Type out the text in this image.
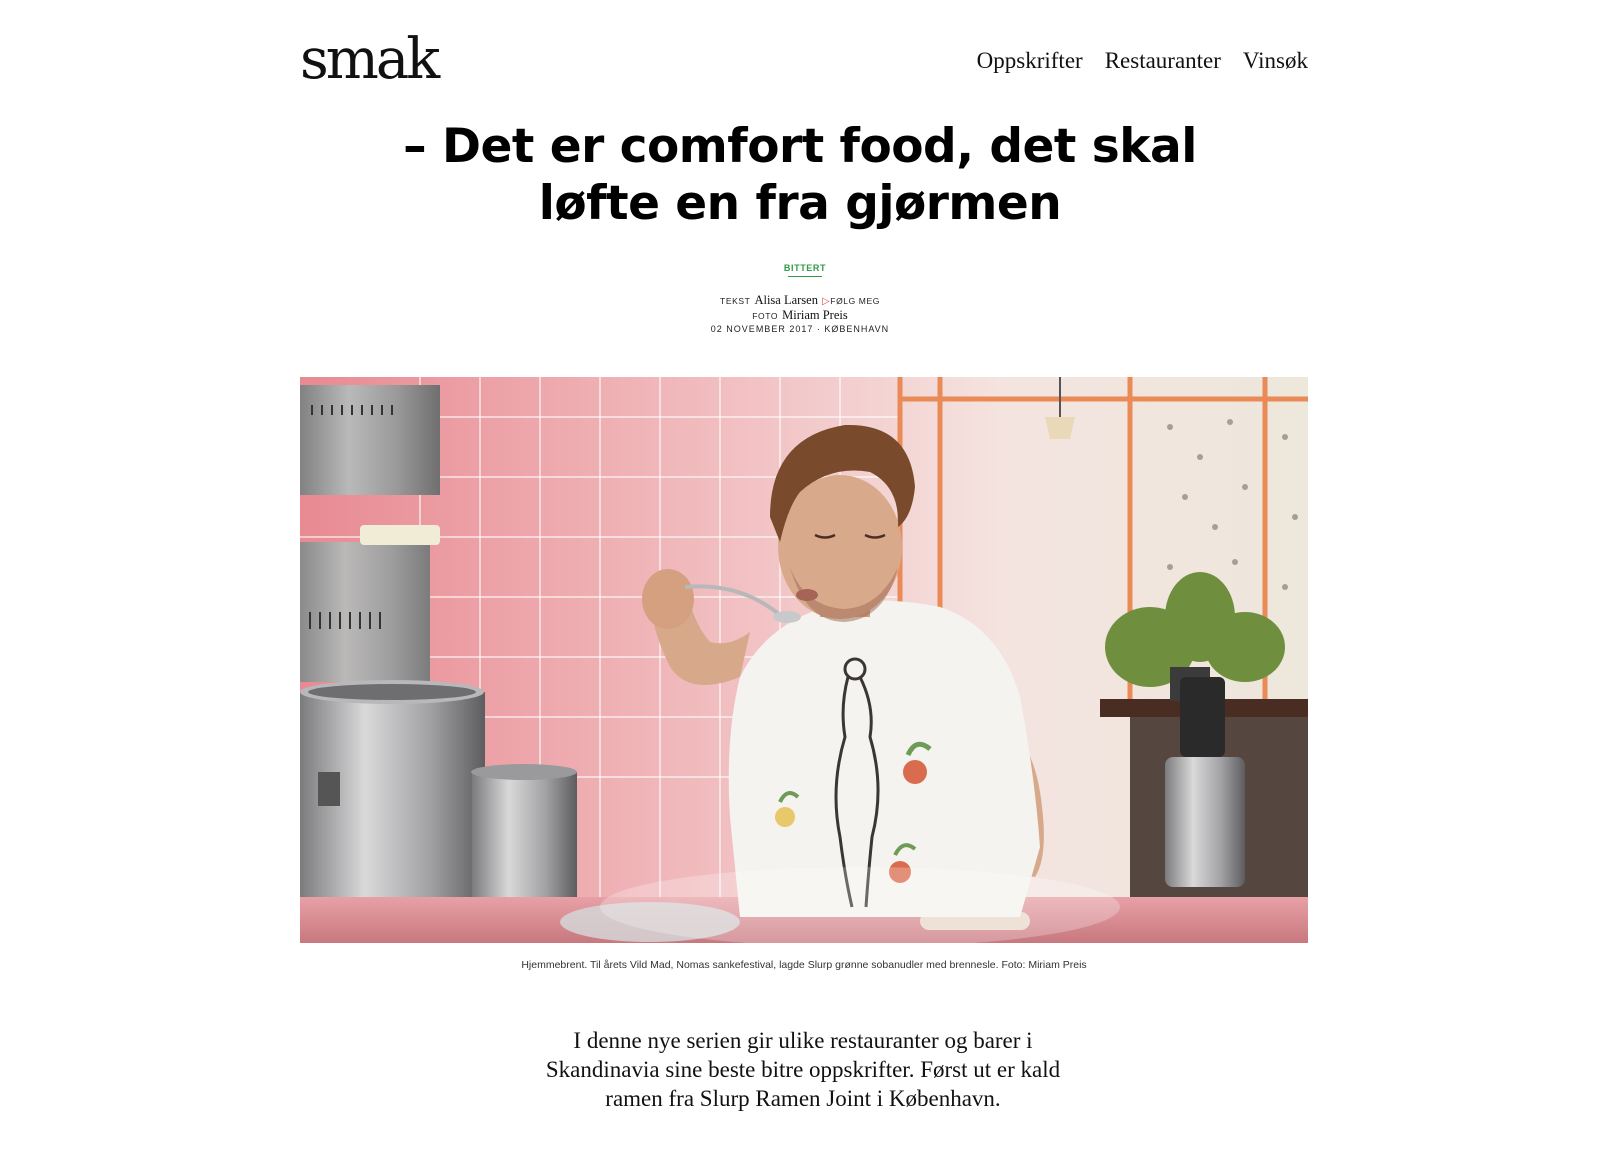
smak	Oppskrifter Restauranter Vinsøk
– Det er comfort food, det skal løfte en fra gjørmen
BITTERT
TEKST Alisa Larsen ▷FØLG MEG
FOTO Miriam Preis
02 NOVEMBER 2017 · KØBENHAVN
Hjemmebrent. Til årets Vild Mad, Nomas sankefestival, lagde Slurp grønne sobanudler med brennesle. Foto: Miriam Preis

I denne nye serien gir ulike restauranter og barer i Skandinavia sine beste bitre oppskrifter. Først ut er kald ramen fra Slurp Ramen Joint i København.
